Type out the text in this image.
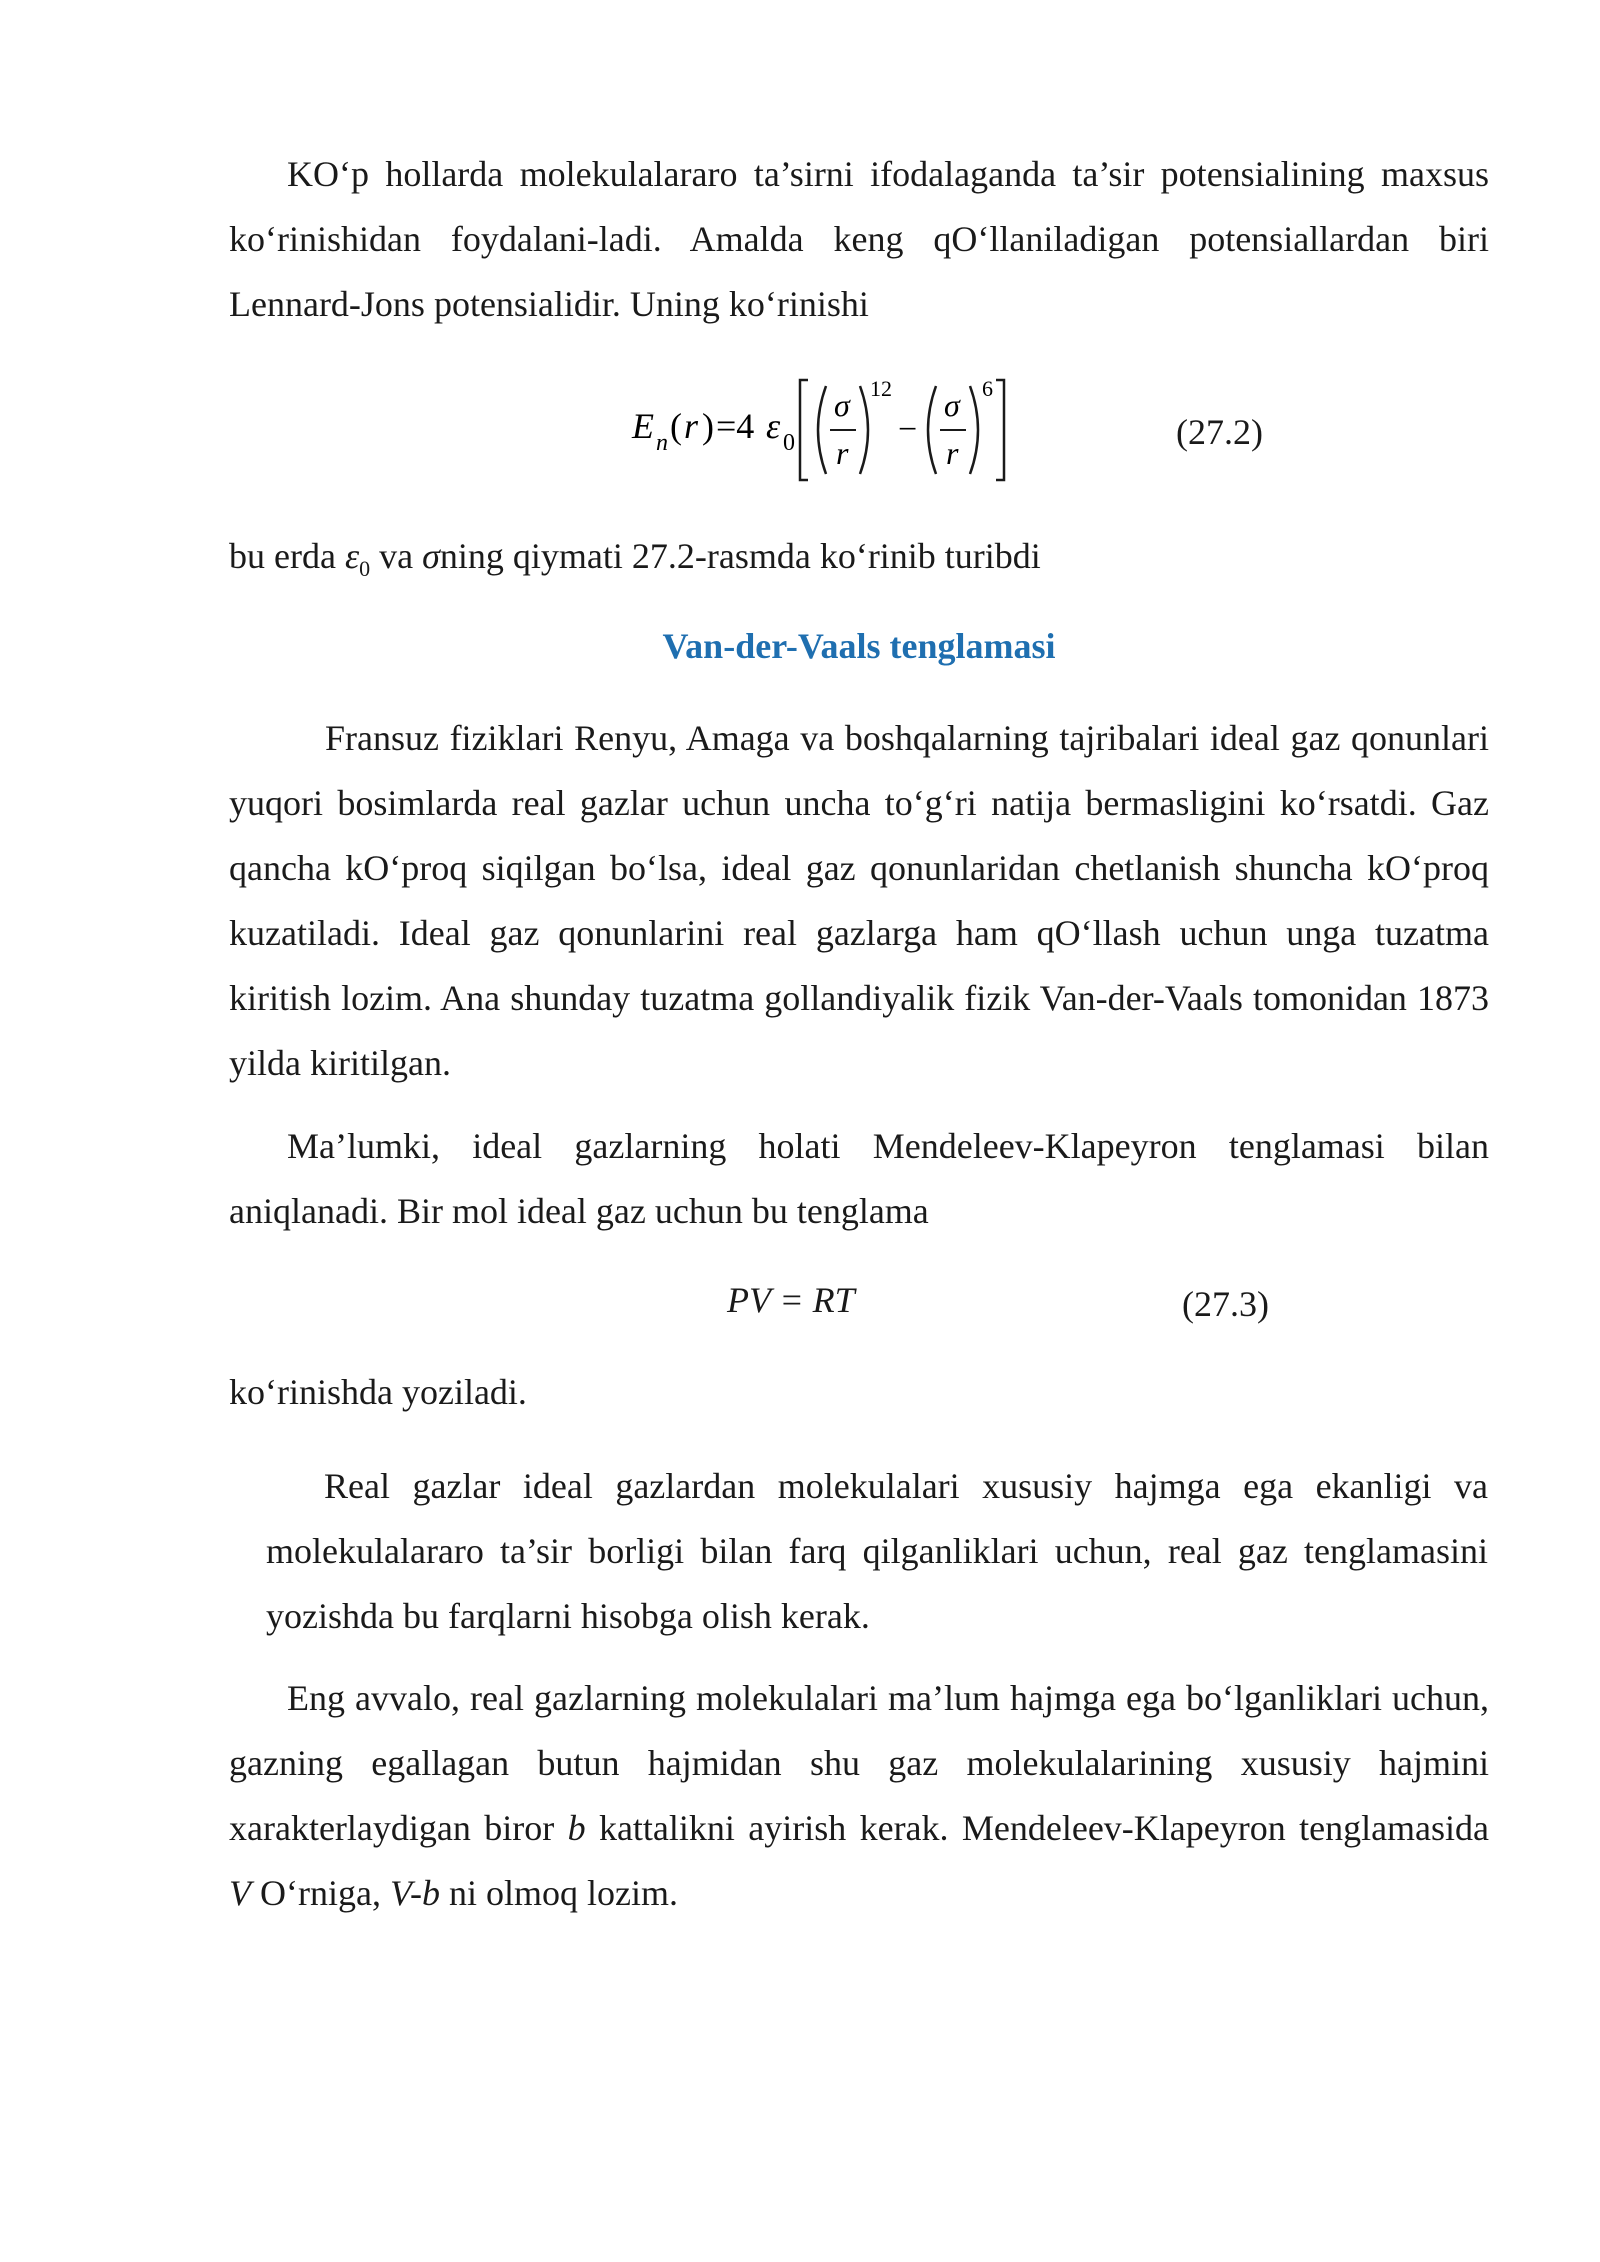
KO‘p hollarda molekulalararo ta’sirni ifodalaganda ta’sir potensialining maxsus ko‘rinishidan foydalani-ladi. Amalda keng qO‘llaniladigan potensiallardan biri Lennard-Jons potensialidir. Uning ko‘rinishi

E n ( r ) =4 ε 0
σ
r
12
−
σ
r
6
(27.2)

bu erda $\varepsilon_0$ va σning qiymati 27.2-rasmda ko‘rinib turibdi

Van-der-Vaals tenglamasi

Fransuz fiziklari Renyu, Amaga va boshqalarning tajribalari ideal gaz qonunlari yuqori bosimlarda real gazlar uchun uncha to‘g‘ri natija bermasligini ko‘rsatdi. Gaz qancha kO‘proq siqilgan bo‘lsa, ideal gaz qonunlaridan chetlanish shuncha kO‘proq kuzatiladi. Ideal gaz qonunlarini real gazlarga ham qO‘llash uchun unga tuzatma kiritish lozim. Ana shunday tuzatma gollandiyalik fizik Van-der-Vaals tomonidan 1873 yilda kiritilgan.

Ma’lumki, ideal gazlarning holati Mendeleev-Klapeyron tenglamasi bilan aniqlanadi. Bir mol ideal gaz uchun bu tenglama

PV = RT	(27.3)

ko‘rinishda yoziladi.

Real gazlar ideal gazlardan molekulalari xususiy hajmga ega ekanligi va molekulalararo ta’sir borligi bilan farq qilganliklari uchun, real gaz tenglamasini yozishda bu farqlarni hisobga olish kerak.

Eng avvalo, real gazlarning molekulalari ma’lum hajmga ega bo‘lganliklari uchun, gazning egallagan butun hajmidan shu gaz molekulalarining xususiy hajmini xarakterlaydigan biror b kattalikni ayirish kerak. Mendeleev-Klapeyron tenglamasida V O‘rniga, V-b ni olmoq lozim.
